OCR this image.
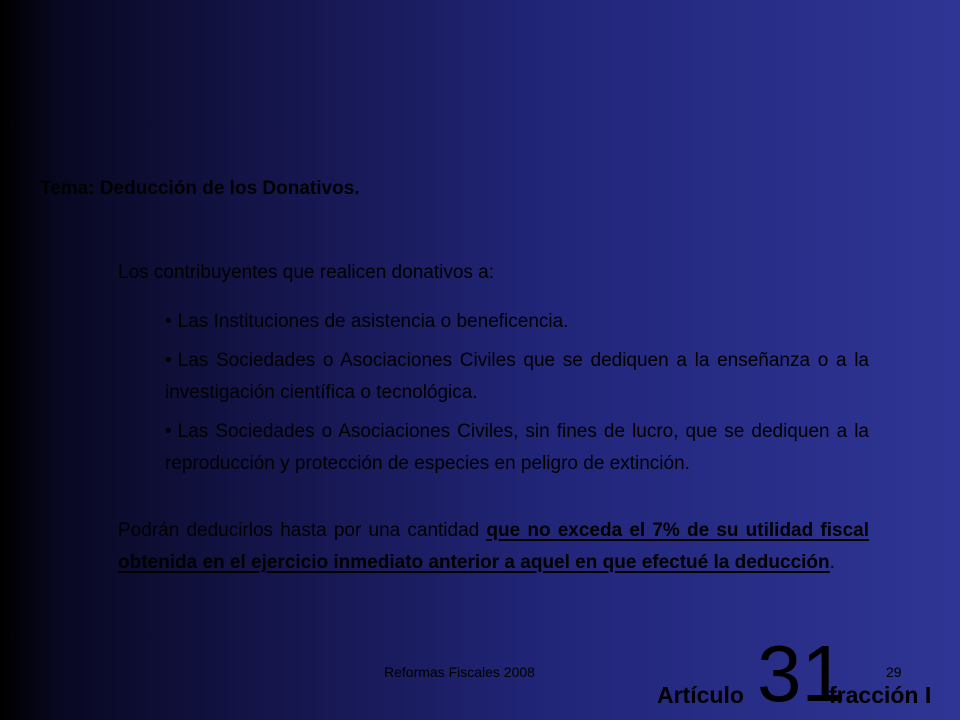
Tema: Deducción de los Donativos.
Los contribuyentes que realicen donativos a:
• Las Instituciones de asistencia o beneficencia.
• Las Sociedades o Asociaciones Civiles que se dediquen a la enseñanza o a la investigación científica o tecnológica.
• Las Sociedades o Asociaciones Civiles, sin fines de lucro, que se dediquen a la reproducción y protección de especies en peligro de extinción.
Podrán deducirlos hasta por una cantidad que no exceda el 7% de su utilidad fiscal obtenida en el ejercicio inmediato anterior a aquel en que efectué la deducción.
Reformas Fiscales 2008	29
Artículo 31
fracción I
